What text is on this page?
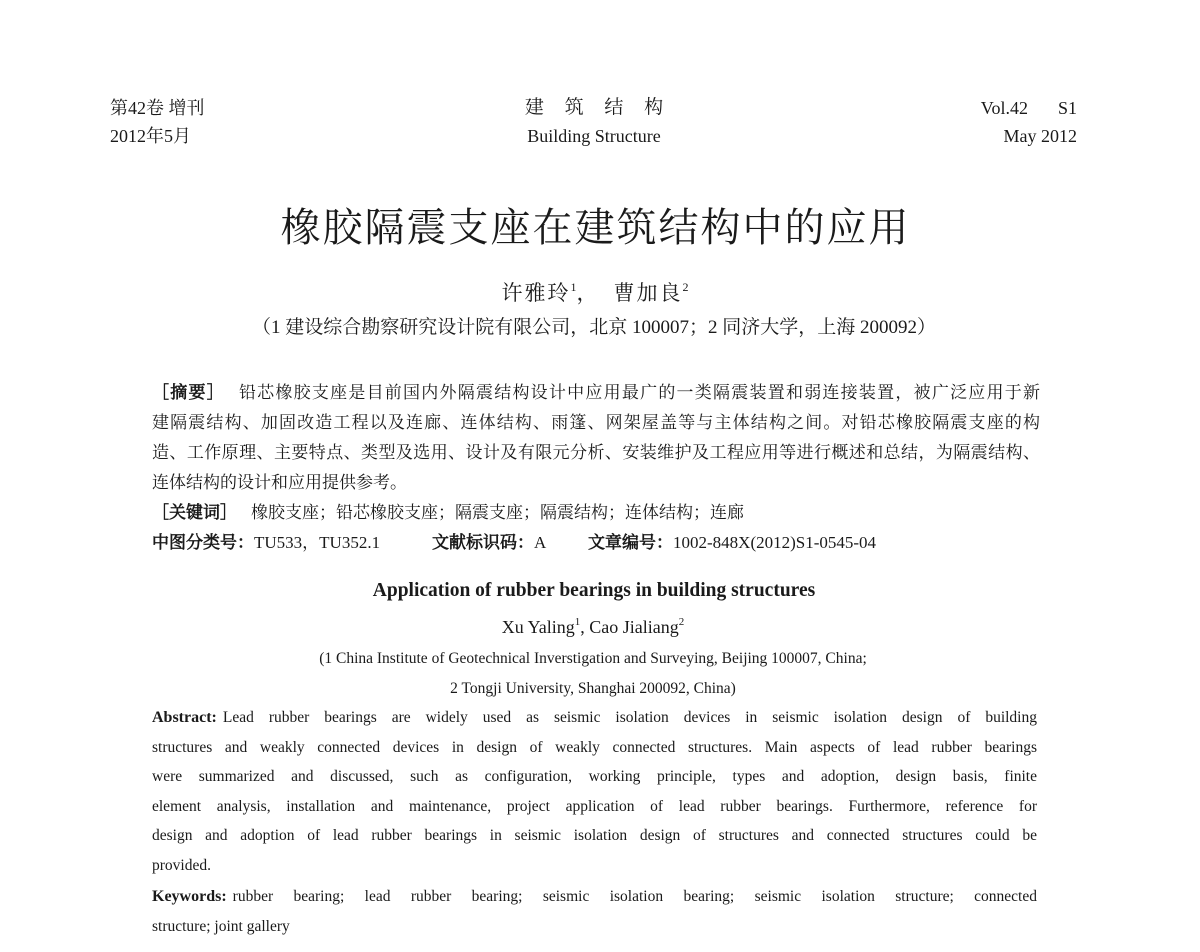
第42卷 增刊
2012年5月
建 筑 结 构
Building Structure
Vol.42 S1
May 2012
橡胶隔震支座在建筑结构中的应用
许雅玲$^1$， 曹加良$^2$
（1 建设综合勘察研究设计院有限公司，北京 100007；2 同济大学，上海 200092）
［摘要］ 铅芯橡胶支座是目前国内外隔震结构设计中应用最广的一类隔震装置和弱连接装置，被广泛应用于新
建隔震结构、加固改造工程以及连廊、连体结构、雨篷、网架屋盖等与主体结构之间。对铅芯橡胶隔震支座的构
造、工作原理、主要特点、类型及选用、设计及有限元分析、安装维护及工程应用等进行概述和总结，为隔震结构、
连体结构的设计和应用提供参考。
［关键词］ 橡胶支座；铅芯橡胶支座；隔震支座；隔震结构；连体结构；连廊
中图分类号：TU533，TU352.1	文献标识码：A 文章编号：1002-848X(2012)S1-0545-04
Application of rubber bearings in building structures
Xu Yaling$^1$, Cao Jialiang$^2$
(1 China Institute of Geotechnical Inverstigation and Surveying, Beijing 100007, China;
2 Tongji University, Shanghai 200092, China)
Abstract: Lead rubber bearings are widely used as seismic isolation devices in seismic isolation design of building
structures and weakly connected devices in design of weakly connected structures. Main aspects of lead rubber bearings
were summarized and discussed, such as configuration, working principle, types and adoption, design basis, finite
element analysis, installation and maintenance, project application of lead rubber bearings. Furthermore, reference for
design and adoption of lead rubber bearings in seismic isolation design of structures and connected structures could be
provided.
Keywords: rubber bearing; lead rubber bearing; seismic isolation bearing; seismic isolation structure; connected
structure; joint gallery
